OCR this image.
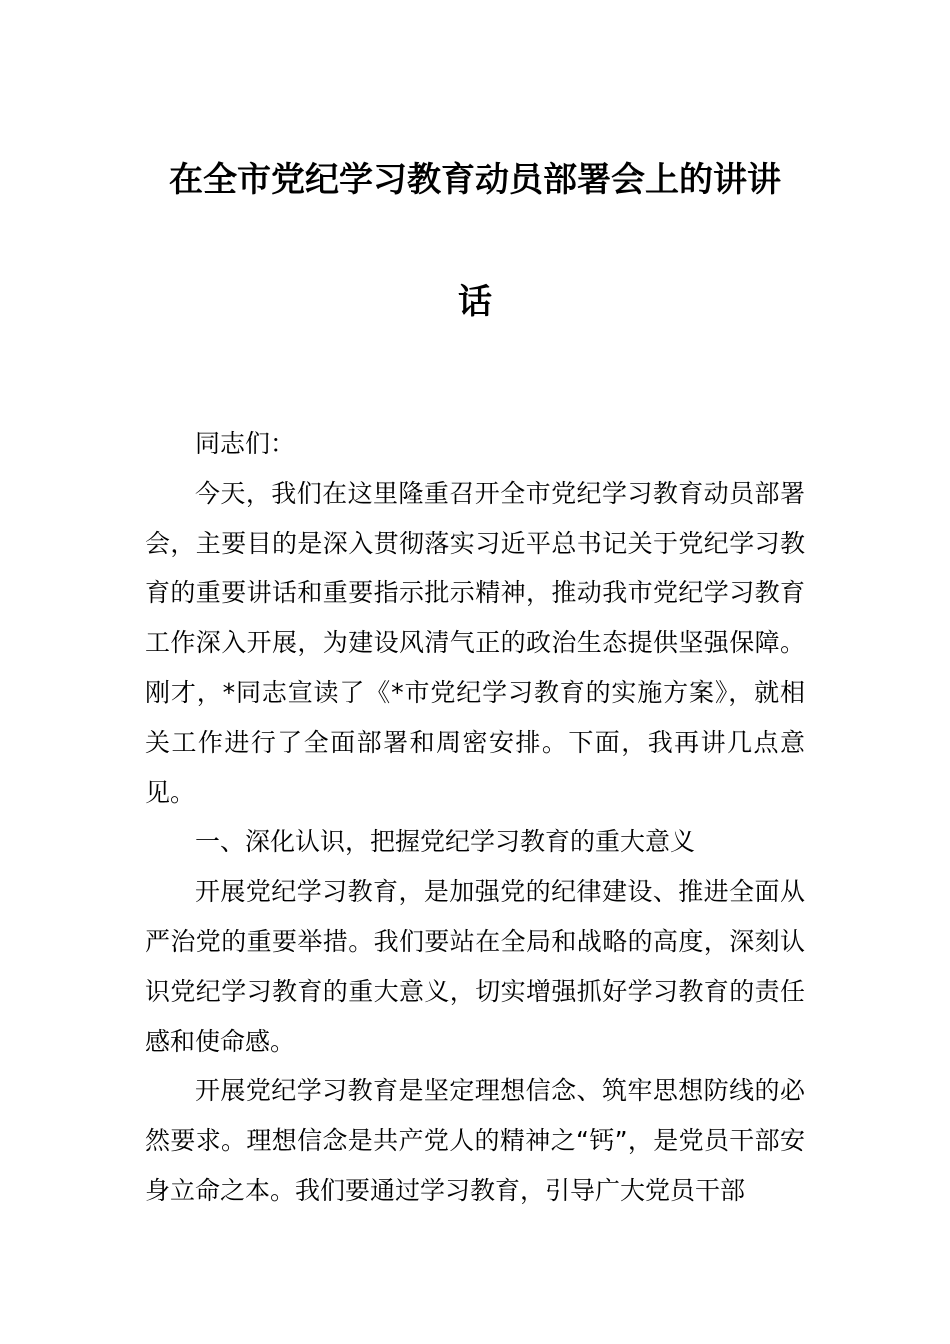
在全市党纪学习教育动员部署会上的讲讲
话

同志们：

今天，我们在这里隆重召开全市党纪学习教育动员部署会，主要目的是深入贯彻落实习近平总书记关于党纪学习教育的重要讲话和重要指示批示精神，推动我市党纪学习教育工作深入开展，为建设风清气正的政治生态提供坚强保障。刚才，*同志宣读了《*市党纪学习教育的实施方案》，就相关工作进行了全面部署和周密安排。下面，我再讲几点意见。

一、深化认识，把握党纪学习教育的重大意义

开展党纪学习教育，是加强党的纪律建设、推进全面从严治党的重要举措。我们要站在全局和战略的高度，深刻认识党纪学习教育的重大意义，切实增强抓好学习教育的责任感和使命感。

开展党纪学习教育是坚定理想信念、筑牢思想防线的必然要求。理想信念是共产党人的精神之“钙”，是党员干部安身立命之本。我们要通过学习教育，引导广大党员干部
